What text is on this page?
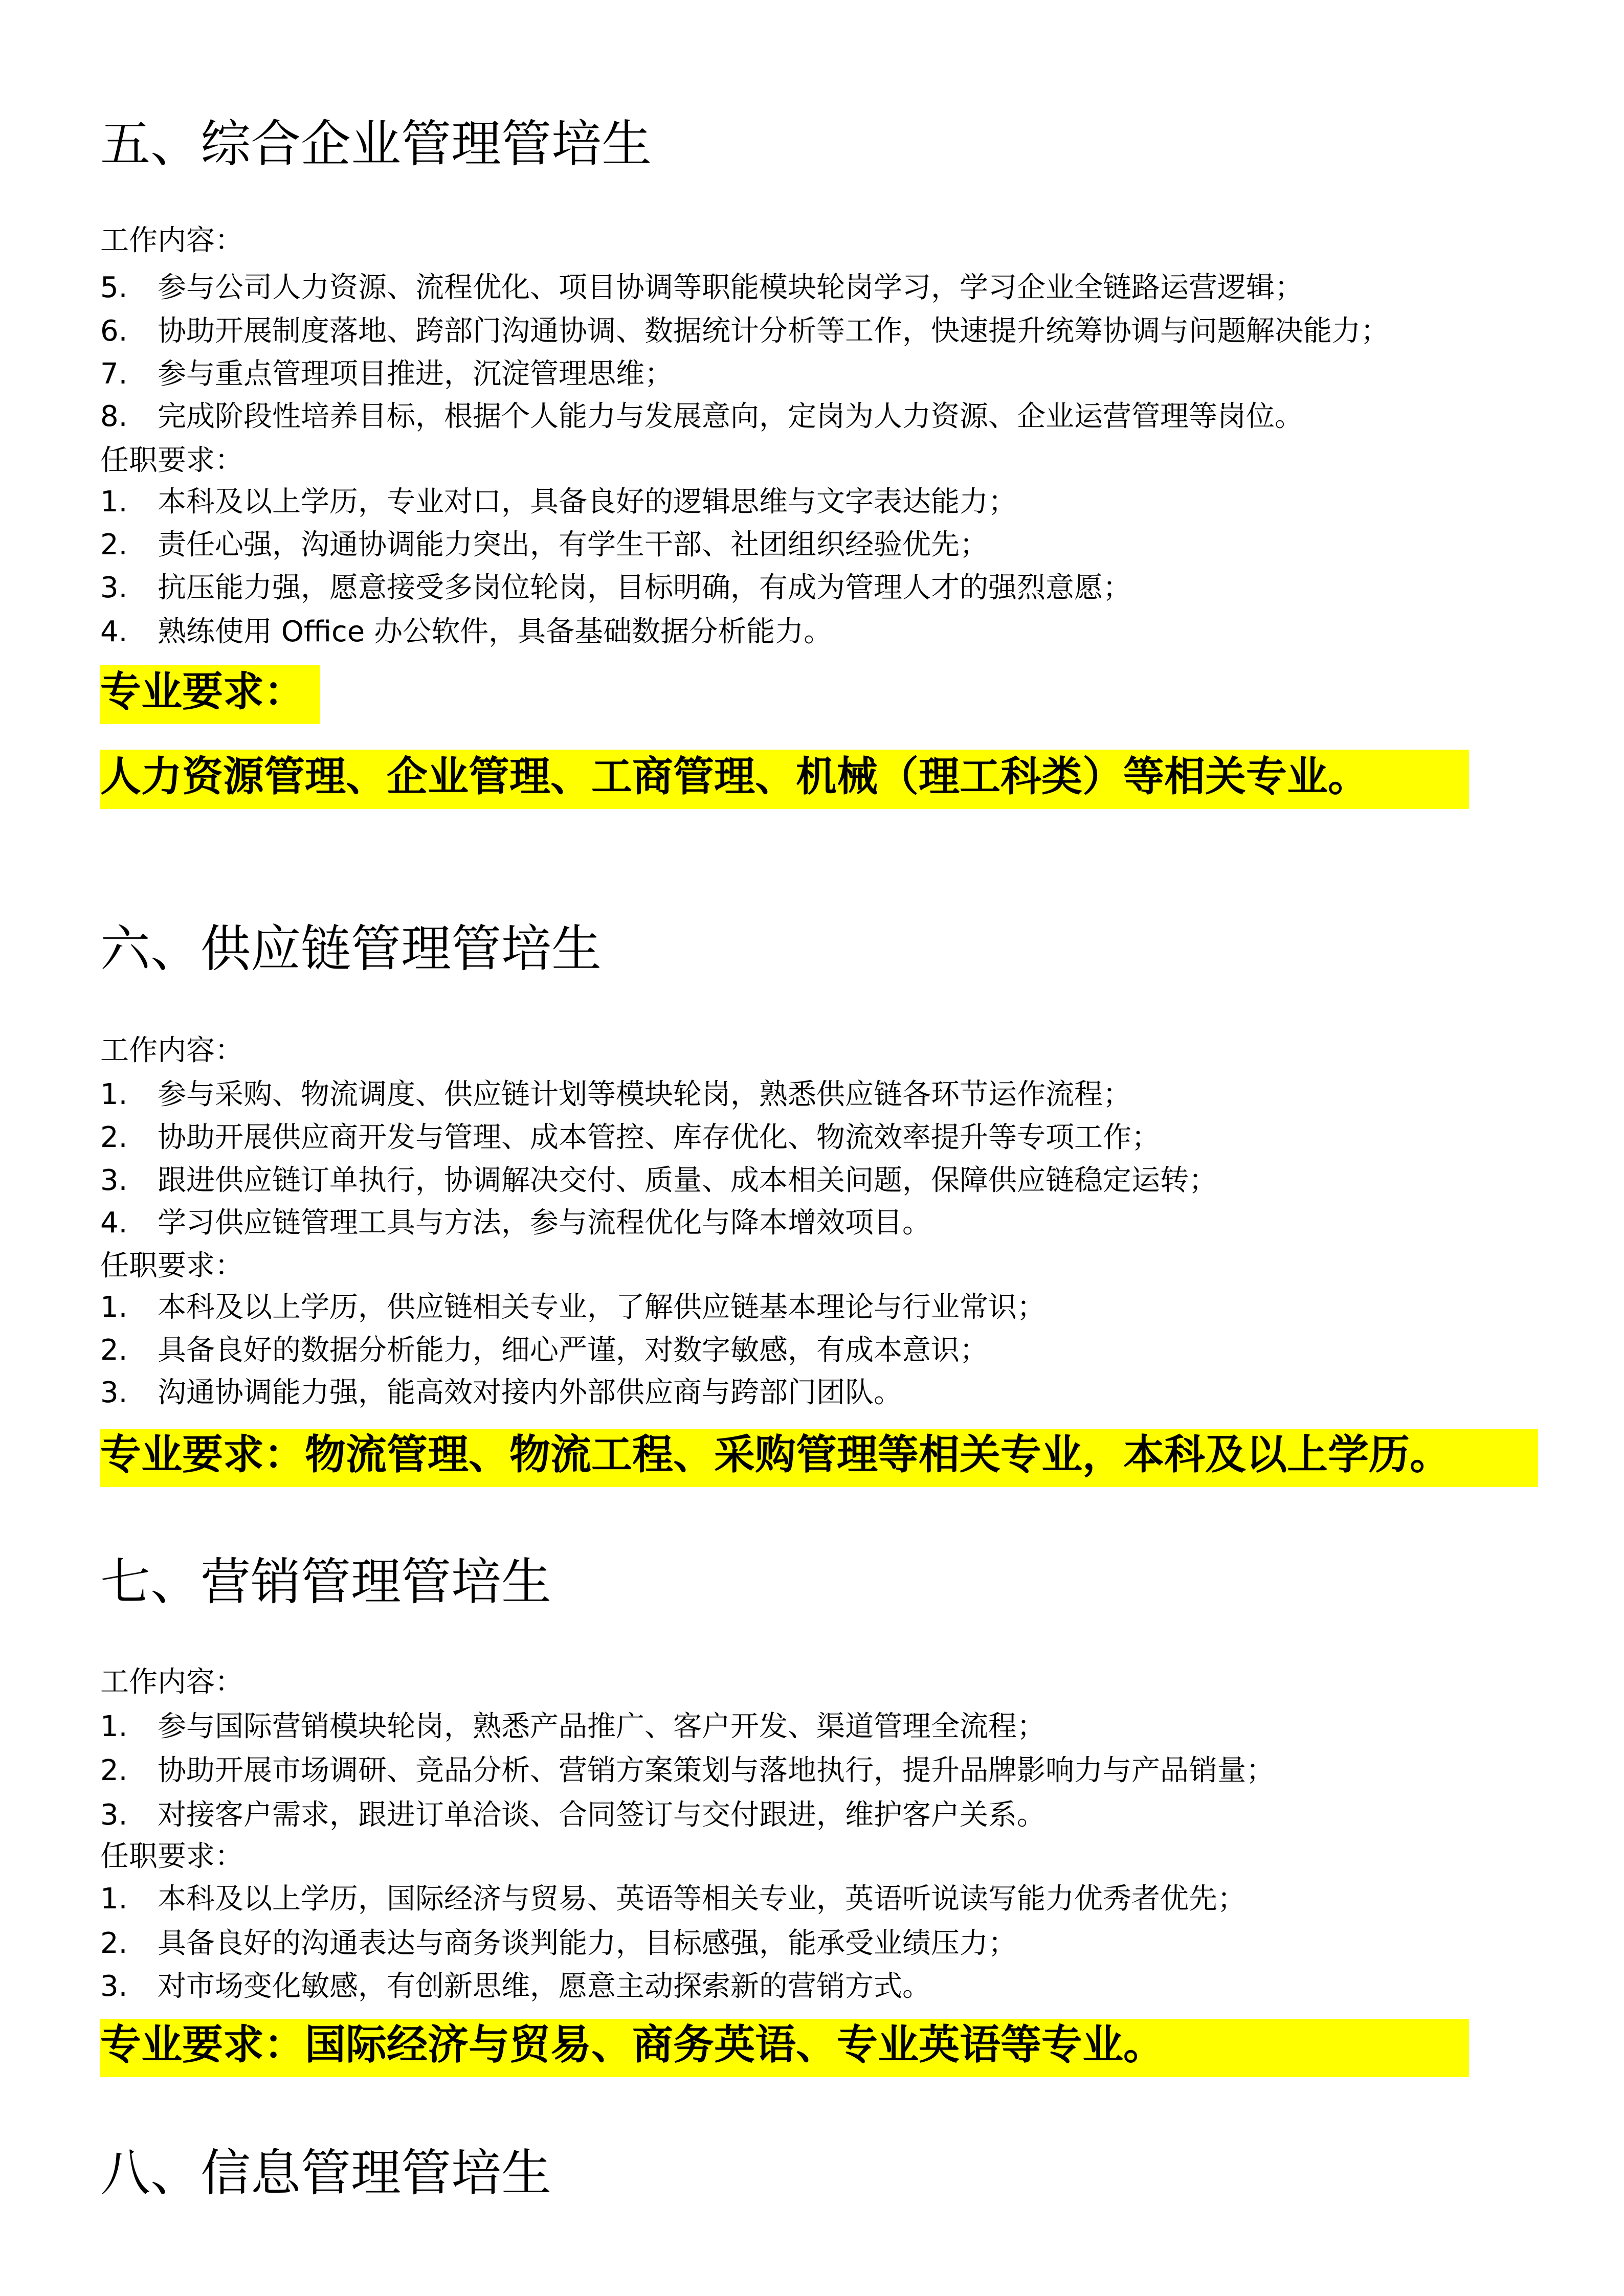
五、综合企业管理管培生
工作内容：
5.	参与公司人力资源、流程优化、项目协调等职能模块轮岗学习，学习企业全链路运营逻辑；
6.	协助开展制度落地、跨部门沟通协调、数据统计分析等工作，快速提升统筹协调与问题解决能力；
7.	参与重点管理项目推进，沉淀管理思维；
8.	完成阶段性培养目标，根据个人能力与发展意向，定岗为人力资源、企业运营管理等岗位。
任职要求：
1.	本科及以上学历，专业对口，具备良好的逻辑思维与文字表达能力；
2.	责任心强，沟通协调能力突出，有学生干部、社团组织经验优先；
3.	抗压能力强，愿意接受多岗位轮岗，目标明确，有成为管理人才的强烈意愿；
4.	熟练使用 Office 办公软件，具备基础数据分析能力。
专业要求：
人力资源管理、企业管理、工商管理、机械（理工科类）等相关专业。
六、供应链管理管培生
工作内容：
1.	参与采购、物流调度、供应链计划等模块轮岗，熟悉供应链各环节运作流程；
2.	协助开展供应商开发与管理、成本管控、库存优化、物流效率提升等专项工作；
3.	跟进供应链订单执行，协调解决交付、质量、成本相关问题，保障供应链稳定运转；
4.	学习供应链管理工具与方法，参与流程优化与降本增效项目。
任职要求：
1.	本科及以上学历，供应链相关专业，了解供应链基本理论与行业常识；
2.	具备良好的数据分析能力，细心严谨，对数字敏感，有成本意识；
3.	沟通协调能力强，能高效对接内外部供应商与跨部门团队。
专业要求：物流管理、物流工程、采购管理等相关专业，本科及以上学历。
七、营销管理管培生
工作内容：
1.	参与国际营销模块轮岗，熟悉产品推广、客户开发、渠道管理全流程；
2.	协助开展市场调研、竞品分析、营销方案策划与落地执行，提升品牌影响力与产品销量；
3.	对接客户需求，跟进订单洽谈、合同签订与交付跟进，维护客户关系。
任职要求：
1.	本科及以上学历，国际经济与贸易、英语等相关专业，英语听说读写能力优秀者优先；
2.	具备良好的沟通表达与商务谈判能力，目标感强，能承受业绩压力；
3.	对市场变化敏感，有创新思维，愿意主动探索新的营销方式。
专业要求：国际经济与贸易、商务英语、专业英语等专业。
八、信息管理管培生
